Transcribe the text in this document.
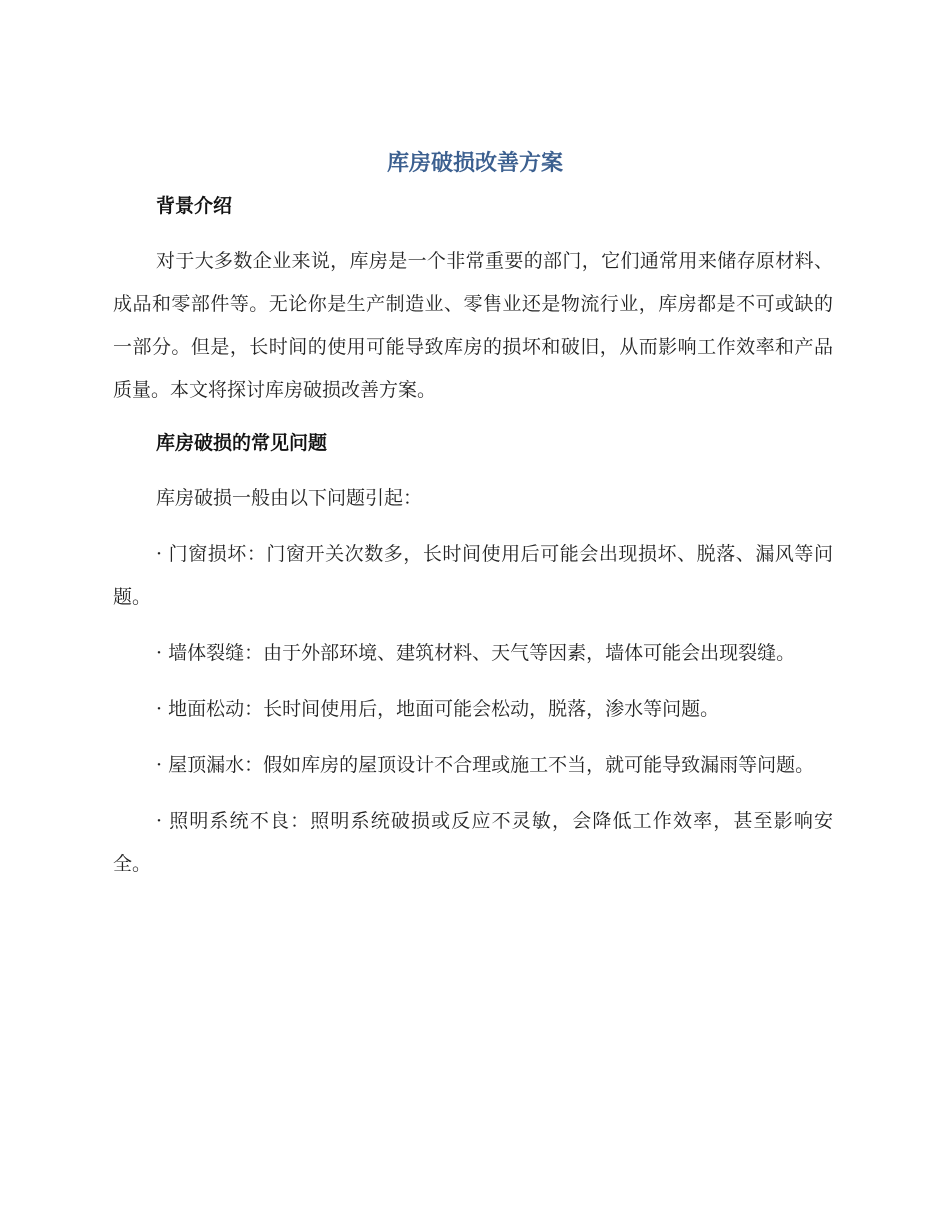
库房破损改善方案
背景介绍

对于大多数企业来说，库房是一个非常重要的部门，它们通常用来储存原材料、成品和零部件等。无论你是生产制造业、零售业还是物流行业，库房都是不可或缺的一部分。但是，长时间的使用可能导致库房的损坏和破旧，从而影响工作效率和产品质量。本文将探讨库房破损改善方案。

库房破损的常见问题

库房破损一般由以下问题引起：

· 门窗损坏：门窗开关次数多，长时间使用后可能会出现损坏、脱落、漏风等问题。

· 墙体裂缝：由于外部环境、建筑材料、天气等因素，墙体可能会出现裂缝。

· 地面松动：长时间使用后，地面可能会松动，脱落，渗水等问题。

· 屋顶漏水：假如库房的屋顶设计不合理或施工不当，就可能导致漏雨等问题。

· 照明系统不良：照明系统破损或反应不灵敏，会降低工作效率，甚至影响安全。
